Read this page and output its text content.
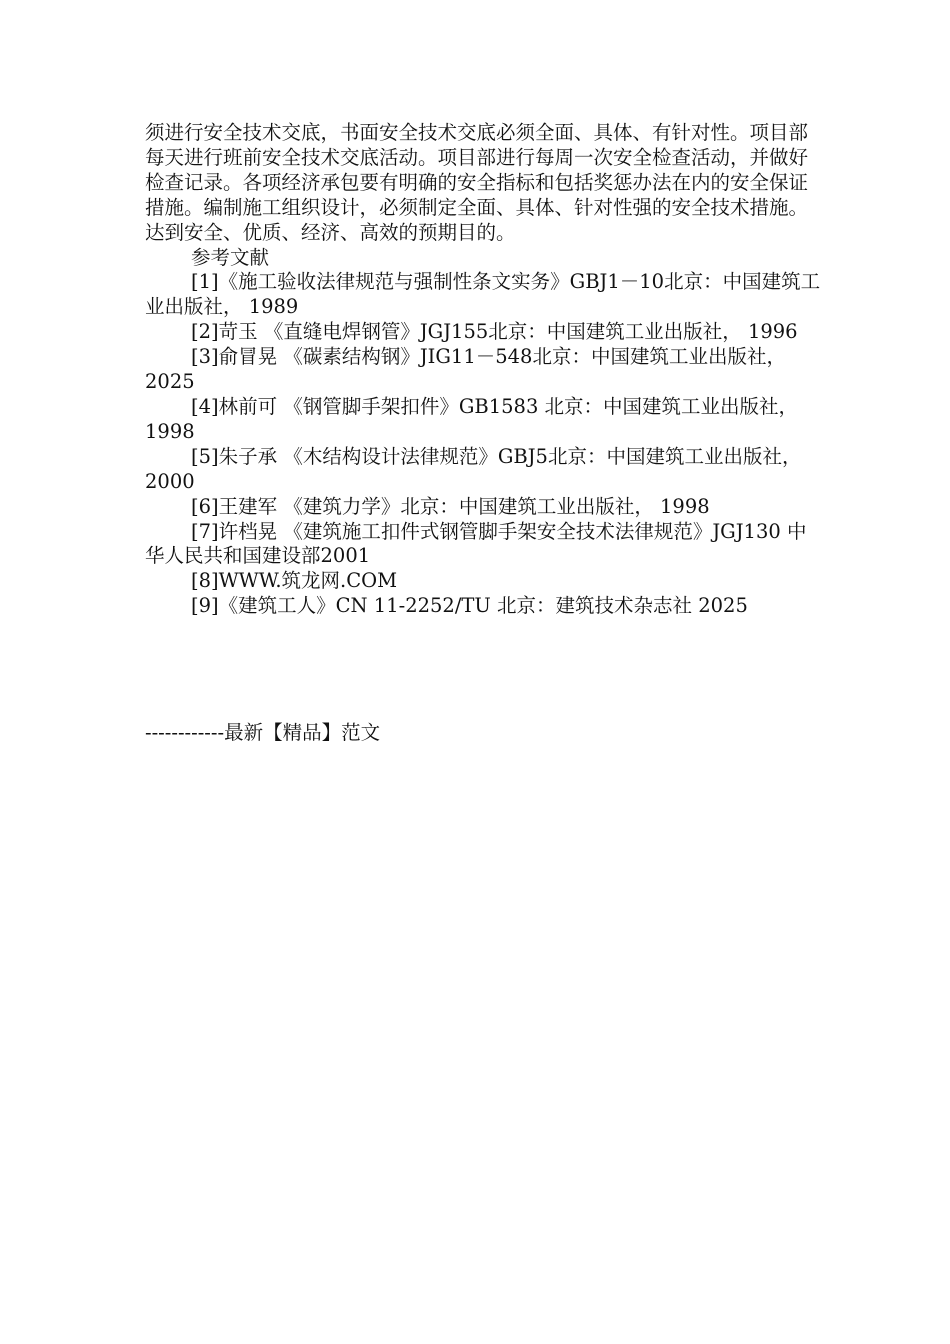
须进行安全技术交底，书面安全技术交底必须全面、具体、有针对性。项目部每天进行班前安全技术交底活动。项目部进行每周一次安全检查活动，并做好检查记录。各项经济承包要有明确的安全指标和包括奖惩办法在内的安全保证措施。编制施工组织设计，必须制定全面、具体、针对性强的安全技术措施。达到安全、优质、经济、高效的预期目的。

参考文献

[1]《施工验收法律规范与强制性条文实务》GBJ1－10北京：中国建筑工业出版社， 1989

[2]苛玉 《直缝电焊钢管》JGJ155北京：中国建筑工业出版社， 1996

[3]俞冒晃 《碳素结构钢》JIG11－548北京：中国建筑工业出版社， 2025

[4]林前可 《钢管脚手架扣件》GB1583 北京：中国建筑工业出版社， 1998

[5]朱子承 《木结构设计法律规范》GBJ5北京：中国建筑工业出版社， 2000

[6]王建军 《建筑力学》北京：中国建筑工业出版社， 1998

[7]许档晃 《建筑施工扣件式钢管脚手架安全技术法律规范》JGJ130 中华人民共和国建设部2001

[8]WWW.筑龙网.COM

[9]《建筑工人》CN 11-2252/TU 北京：建筑技术杂志社 2025

------------最新【精品】范文
